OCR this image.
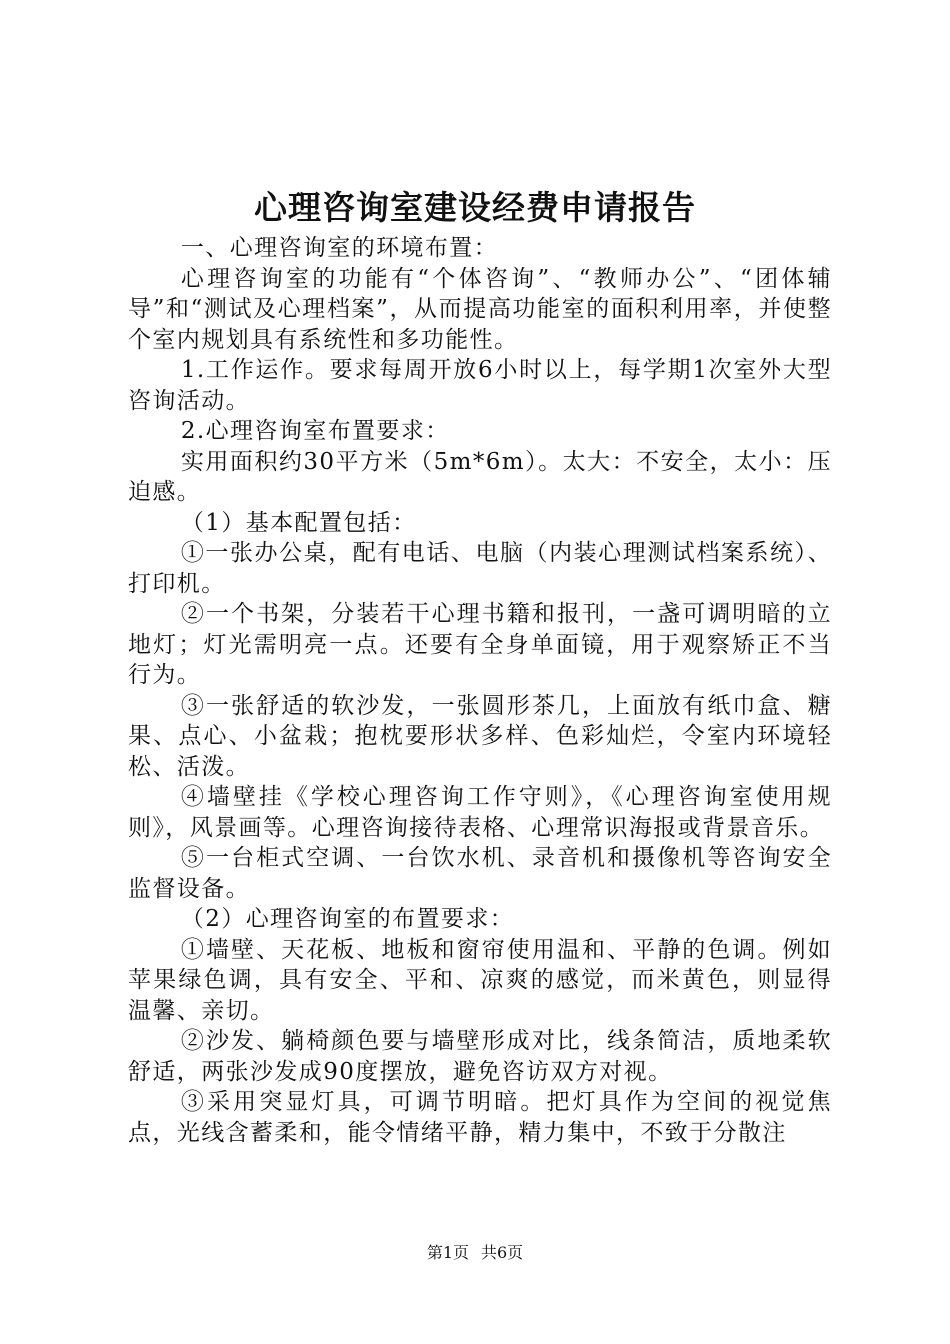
心理咨询室建设经费申请报告

一、心理咨询室的环境布置：

心理咨询室的功能有“个体咨询”、“教师办公”、“团体辅导”和“测试及心理档案”，从而提高功能室的面积利用率，并使整个室内规划具有系统性和多功能性。

1.工作运作。要求每周开放6小时以上，每学期1次室外大型咨询活动。

2.心理咨询室布置要求：

实用面积约30平方米（5m*6m）。太大：不安全，太小：压迫感。

（1）基本配置包括：

①一张办公桌，配有电话、电脑（内装心理测试档案系统）、打印机。

②一个书架，分装若干心理书籍和报刊，一盏可调明暗的立地灯；灯光需明亮一点。还要有全身单面镜，用于观察矫正不当行为。

③一张舒适的软沙发，一张圆形茶几，上面放有纸巾盒、糖果、点心、小盆栽；抱枕要形状多样、色彩灿烂，令室内环境轻松、活泼。

④墙壁挂《学校心理咨询工作守则》，《心理咨询室使用规则》，风景画等。心理咨询接待表格、心理常识海报或背景音乐。

⑤一台柜式空调、一台饮水机、录音机和摄像机等咨询安全监督设备。

（2）心理咨询室的布置要求：

①墙壁、天花板、地板和窗帘使用温和、平静的色调。例如苹果绿色调，具有安全、平和、凉爽的感觉，而米黄色，则显得温馨、亲切。

②沙发、躺椅颜色要与墙壁形成对比，线条简洁，质地柔软舒适，两张沙发成90度摆放，避免咨访双方对视。

③采用突显灯具，可调节明暗。把灯具作为空间的视觉焦点，光线含蓄柔和，能令情绪平静，精力集中，不致于分散注

第1页 共6页
